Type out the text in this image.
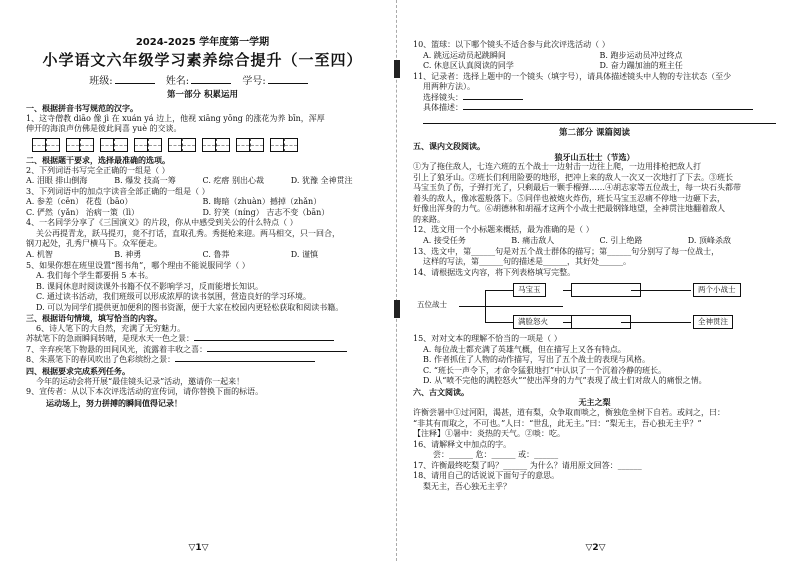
2024-2025 学年度第一学期
小学语文六年级学习素养综合提升（一至四）
班级:	姓名:	学号:
第一部分 积累运用

一、根据拼音书写规范的汉字。

1、这寺僧教 diāo 像 jì 在 xuán yá 边上，他视 xiāng yōng 的涨花为养 bīn，浑厚

伸开的海浪声仿佛是彼此间喜 yuè 的交谈。

二、根据题干要求，选择最准确的选项。

2、下列词语书写完全正确的一组是（ ）

A. 泪眼 排山倒海	B. 爆发 技高一筹	C. 疙瘩 别出心裁	D. 犹豫 全神贯注

3、下列词语中的加点字读音全部正确的一组是（ ）

A. 参差（cēn） 花苞（bāo）	B. 晦暗（zhuàn）撼掉（zhǎn）
C. 俨然（yǎn） 治病一策（lì）	D. 狞笑（níng） 吉志不变（bān）

4、一名同学分享了《三国演义》的片段，你从中感受到关公的什么特点（ ）

关公再提青龙，跃马提刃，竟不打话，直取孔秀。秀挺枪来迎。两马相交，只一回合，

钢刀起处，孔秀尸横马下。众军便走。

A. 机智	B. 神勇	C. 鲁莽	D. 谨慎

5、如果你想在班里设置“图书角”，哪个理由不能说服同学（ ）

A. 我们每个学生都要捐 5 本书。

B. 课间休息时阅读课外书籍不仅不影响学习，反而能增长知识。

C. 通过读书活动，我们班级可以形成浓厚的读书氛围，营造良好的学习环境。

D. 可以为同学们提供更加便利的图书资源，便于大家在校园内更轻松获取和阅读书籍。

三、根据语句情境，填写恰当的内容。

6、诗人笔下的大自然，充满了无穷魅力。

苏轼笔下的急雨瞬间转晴，是现水天一色之景：

7、辛弃疾笔下物悬的田间风光，流露着丰收之喜：

8、朱熹笔下的春风吹出了色彩缤纷之景：

四、根据要求完成系列任务。

今年的运动会将开展“最佳镜头记录”活动，邀请你一起来！

9、宣传者：从以下本次评选活动的宣传词，请你替换下面的标语。

运动场上，努力拼搏的瞬间值得记录！

▽1▽

10、篮球：以下哪个镜头不适合参与此次评选活动（ ）

A. 跳远运动员起跳瞬间	B. 跑步运动员冲过终点
C. 休息区认真阅读的同学	D. 奋力蹦加油的班主任

11、记录者：选择上题中的一个镜头（填字号），请具体描述镜头中人物的专注状态（至少

用两种方法）。

选择镜头：

具体描述：

第二部分 课篇阅读

五、课内文段阅读。

狼牙山五壮士（节选）

①为了拖住敌人，七连六班的五个战士一边射击一边往上爬，一边用排枪把敌人打

引上了狼牙山。②班长们利用险要的地形，把冲上来的敌人一次又一次地打了下去。③班长

马宝玉负了伤，子弹打光了，只剩最后一颗手榴弹……④胡志家等五位战士，每一块石头都带

着头的敌人，像冰雹般落下。⑤同伴也被炮火炸伤，班长马宝玉忍痛不停地一边砸下去，

好像出浑身的力气。⑥胡德林和胡福才这两个小战士把最钢锋地望，全神贯注地翻着敌人

的来路。

12、选文用一个小标题来概括，最为准确的是（ ）

A. 接受任务	B. 痛击敌人	C. 引上绝路	D. 顶峰杀敌

13、选文中，第______句是对五个战士群体的描写；第______句分别写了每一位战士，

这样的写法，第______句的描述是______，其好处______。

14、请根据选文内容，将下列表格填写完整。

五位战士
马宝玉
满脸怒火
两个小战士
全神贯注

15、对对文本的理解不恰当的一项是（ ）

A. 每位战士都充满了英雄气概，但在描写上又各有特点。

B. 作者抓住了人物的动作描写，写出了五个战士的表现与风格。

C. “班长一声令下，才命令猛狠地打”中认识了一个沉着冷静的班长。

D. 从“喷不完他的满腔怒火”“使出浑身的力气”表现了战士们对敌人的痛恨之情。

六、古文阅读。

无主之梨

许衡尝暑中①过河阳，渴甚，道有梨，众争取而啖之，衡独危坐树下自若。或问之，曰：

“非其有而取之，不可也。”人曰：“世乱，此无主。”曰：“梨无主，吾心独无主乎？”

【注释】①暑中：炎热的天气。②啖：吃。

16、请解释文中加点的字。

尝：______ 危：______ 或：______

17、许衡最终吃梨了吗？______ 为什么？请用原文回答：______

18、请用自己的话说说下面句子的意思。

梨无主，吾心独无主乎？

▽2▽
